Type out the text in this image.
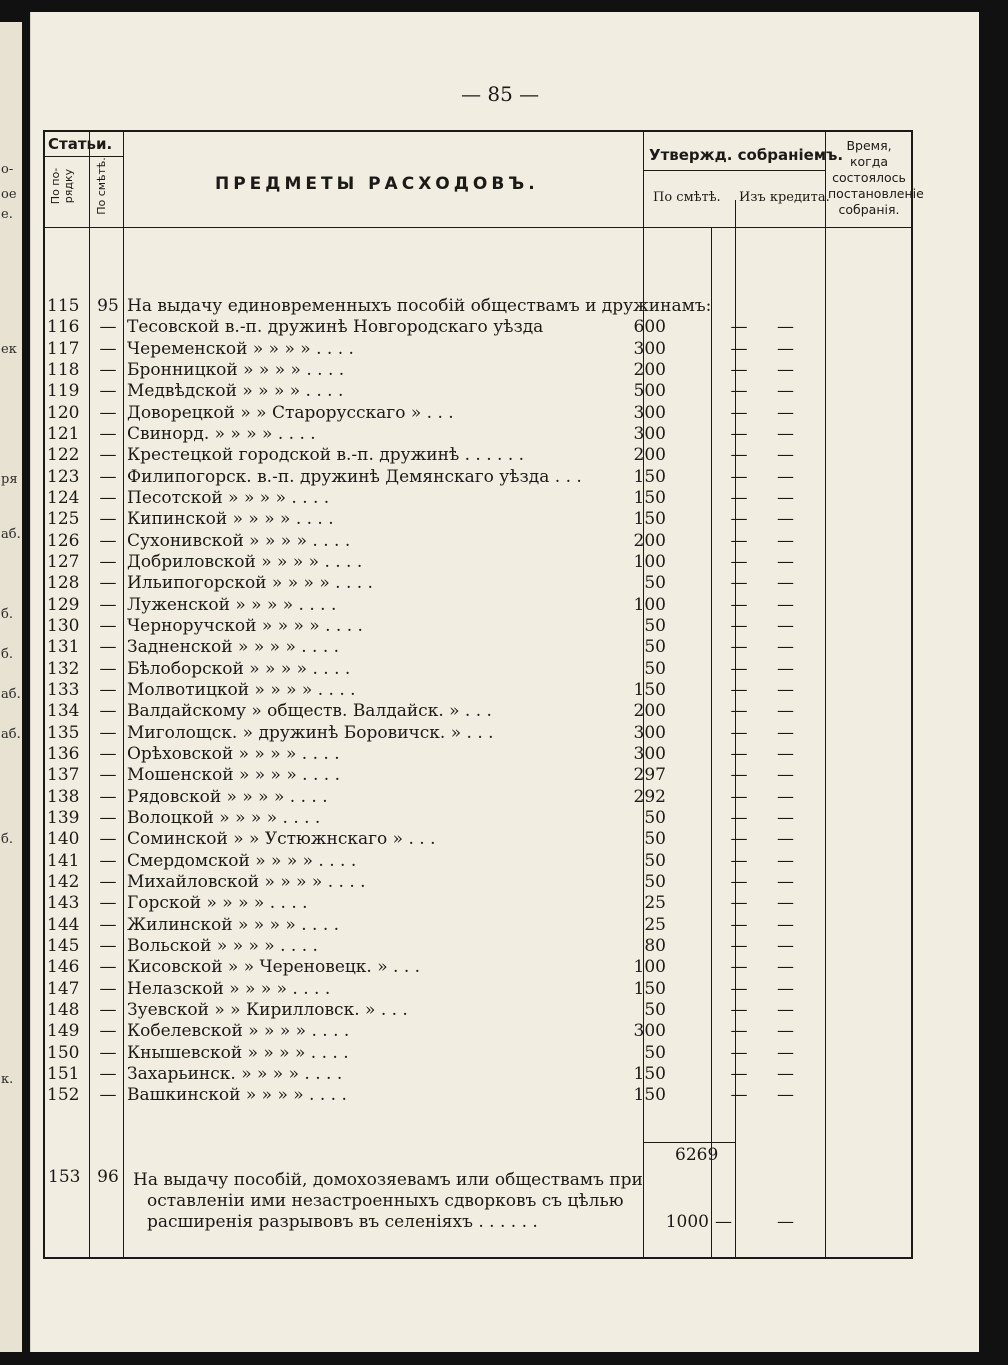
о-
ое
е.
ек
ря
аб.
б.
б.
аб.
аб.
б.
к.
— 85 —
Статьи.
По по-рядку По смѣтѣ.	ПРЕДМЕТЫ РАСХОДОВЪ.
Утвержд. собраніемъ.
По смѣтѣ. Изъ кредита.
Время, когда состоялось постановленіе собранія.
115 95 На выдачу единовременныхъ пособій обществамъ и дружинамъ:
116	— Тесовской в.-п. дружинѣ Новгородскаго уѣзда	600	— —
117	— Череменской » » » » . . . .	300	— —
118	— Бронницкой » » » » . . . .	200	— —
119	— Медвѣдской » » » » . . . .	500	— —
120	— Доворецкой » » Старорусскаго » . . .	300	— —
121	— Свинорд. » » » » . . . .	300	— —
122	— Крестецкой городской в.-п. дружинѣ . . . . . .	200	— —
123	— Филипогорск. в.-п. дружинѣ Демянскаго уѣзда . . .	150	— —
124	— Песотской » » » » . . . .	150	— —
125	— Кипинской » » » » . . . .	150	— —
126	— Сухонивской » » » » . . . .	200	— —
127	— Добриловской » » » » . . . .	100	— —
128	— Ильипогорской » » » » . . . .	50	— —
129	— Луженской » » » » . . . .	100	— —
130	— Черноручской » » » » . . . .	50	— —
131	— Задненской » » » » . . . .	50	— —
132	— Бѣлоборской » » » » . . . .	50	— —
133	— Молвотицкой » » » » . . . .	150	— —
134	— Валдайскому » обществ. Валдайск. » . . .	200	— —
135	— Миголощск. » дружинѣ Боровичск. » . . .	300	— —
136	— Орѣховской » » » » . . . .	300	— —
137	— Мошенской » » » » . . . .	297	— —
138	— Рядовской » » » » . . . .	292	— —
139	— Волоцкой » » » » . . . .	50	— —
140	— Соминской » » Устюжнскаго » . . .	50	— —
141	— Смердомской » » » » . . . .	50	— —
142	— Михайловской » » » » . . . .	50	— —
143	— Горской » » » » . . . .	25	— —
144	— Жилинской » » » » . . . .	25	— —
145	— Вольской » » » » . . . .	80	— —
146	— Кисовской » » Череновецк. » . . .	100	— —
147	— Нелазской » » » » . . . .	150	— —
148	— Зуевской » » Кирилловск. » . . .	50	— —
149	— Кобелевской » » » » . . . .	300	— —
150	— Кнышевской » » » » . . . .	50	— —
151	— Захарьинск. » » » » . . . .	150	— —
152	— Вашкинской » » » » . . . .	150	— —
6269
153 96 На выдачу пособій, домохозяевамъ или обществамъ при
оставленіи ими незастроенныхъ сдворковъ съ цѣлью
расширенія разрывовъ въ селеніяхъ . . . . . .	1000 —	—
